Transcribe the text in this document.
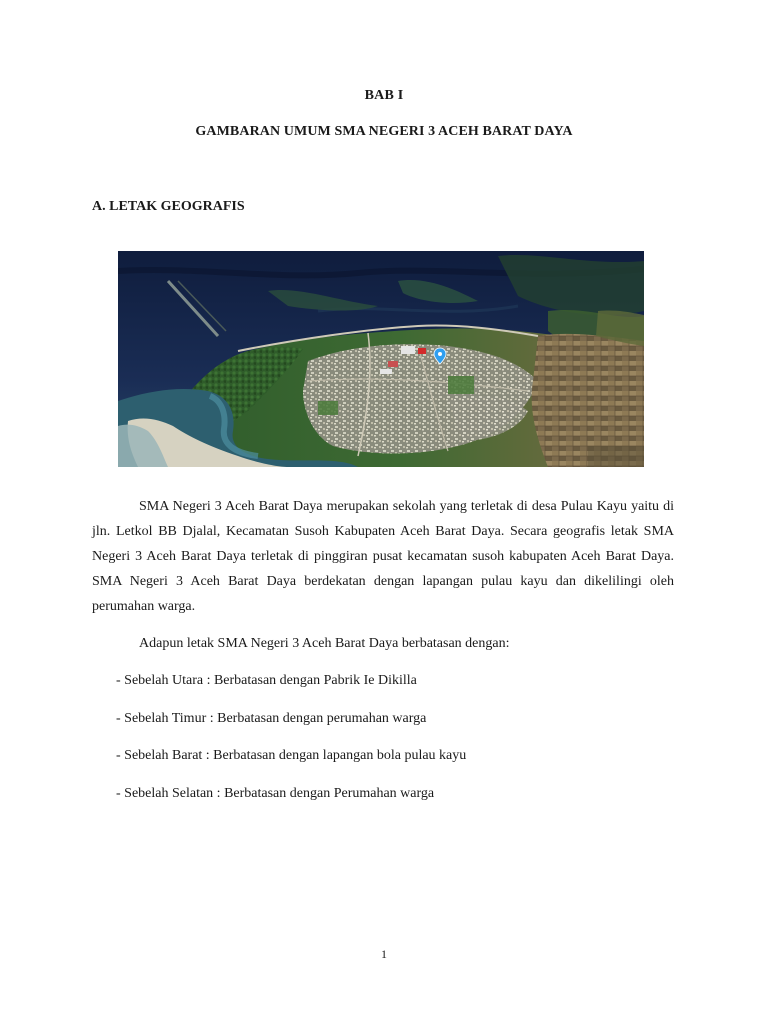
BAB I
GAMBARAN UMUM SMA NEGERI 3 ACEH BARAT DAYA
A. LETAK GEOGRAFIS

SMA Negeri 3 Aceh Barat Daya merupakan sekolah yang terletak di desa Pulau Kayu yaitu di jln. Letkol BB Djalal, Kecamatan Susoh Kabupaten Aceh Barat Daya. Secara geografis letak SMA Negeri 3 Aceh Barat Daya terletak di pinggiran pusat kecamatan susoh kabupaten Aceh Barat Daya. SMA Negeri 3 Aceh Barat Daya berdekatan dengan lapangan pulau kayu dan dikelilingi oleh perumahan warga.

Adapun letak SMA Negeri 3 Aceh Barat Daya berbatasan dengan:

- Sebelah Utara : Berbatasan dengan Pabrik Ie Dikilla
- Sebelah Timur : Berbatasan dengan perumahan warga
- Sebelah Barat : Berbatasan dengan lapangan bola pulau kayu
- Sebelah Selatan : Berbatasan dengan Perumahan warga
1
